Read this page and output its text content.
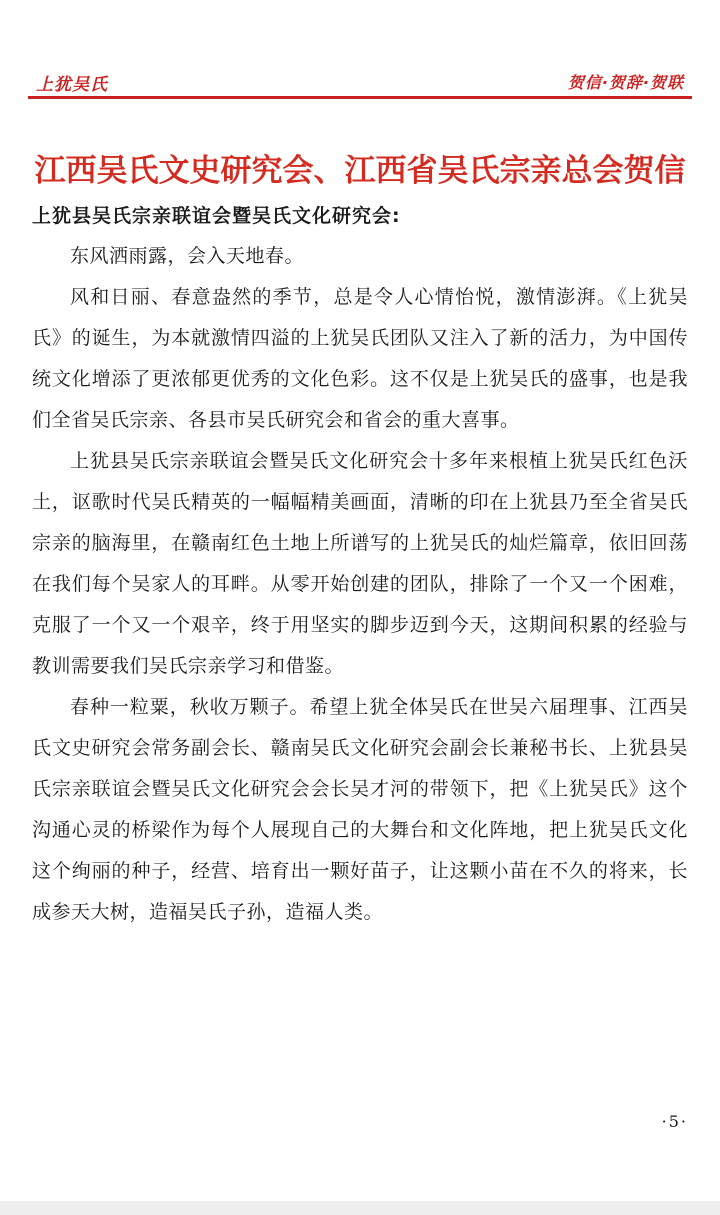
上犹吴氏	贺信·贺辞·贺联
江西吴氏文史研究会、江西省吴氏宗亲总会贺信

上犹县吴氏宗亲联谊会暨吴氏文化研究会:

东风洒雨露，会入天地春。

风和日丽、春意盎然的季节，总是令人心情怡悦，激情澎湃。《上犹吴氏》的诞生，为本就激情四溢的上犹吴氏团队又注入了新的活力，为中国传统文化增添了更浓郁更优秀的文化色彩。这不仅是上犹吴氏的盛事，也是我们全省吴氏宗亲、各县市吴氏研究会和省会的重大喜事。

上犹县吴氏宗亲联谊会暨吴氏文化研究会十多年来根植上犹吴氏红色沃土，讴歌时代吴氏精英的一幅幅精美画面，清晰的印在上犹县乃至全省吴氏宗亲的脑海里，在赣南红色土地上所谱写的上犹吴氏的灿烂篇章，依旧回荡在我们每个吴家人的耳畔。从零开始创建的团队，排除了一个又一个困难，克服了一个又一个艰辛，终于用坚实的脚步迈到今天，这期间积累的经验与教训需要我们吴氏宗亲学习和借鉴。

春种一粒粟，秋收万颗子。希望上犹全体吴氏在世吴六届理事、江西吴氏文史研究会常务副会长、赣南吴氏文化研究会副会长兼秘书长、上犹县吴氏宗亲联谊会暨吴氏文化研究会会长吴才河的带领下，把《上犹吴氏》这个沟通心灵的桥梁作为每个人展现自己的大舞台和文化阵地，把上犹吴氏文化这个绚丽的种子，经营、培育出一颗好苗子，让这颗小苗在不久的将来，长成参天大树，造福吴氏子孙，造福人类。

·5·
